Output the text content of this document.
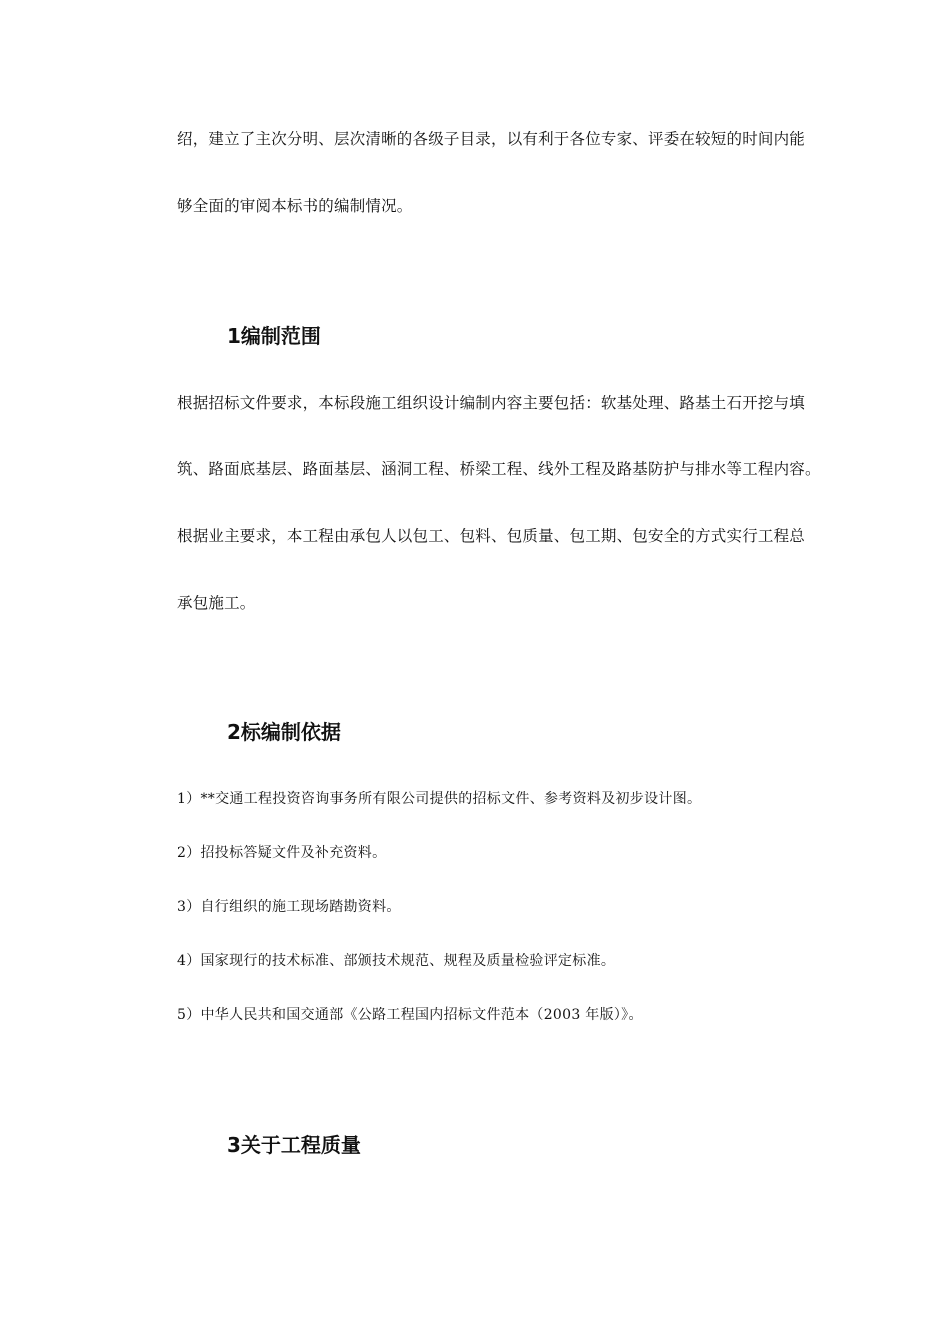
绍，建立了主次分明、层次清晰的各级子目录，以有利于各位专家、评委在较短的时间内能
够全面的审阅本标书的编制情况。
1编制范围
根据招标文件要求，本标段施工组织设计编制内容主要包括：软基处理、路基土石开挖与填
筑、路面底基层、路面基层、涵洞工程、桥梁工程、线外工程及路基防护与排水等工程内容。
根据业主要求，本工程由承包人以包工、包料、包质量、包工期、包安全的方式实行工程总
承包施工。
2标编制依据
1）**交通工程投资咨询事务所有限公司提供的招标文件、参考资料及初步设计图。
2）招投标答疑文件及补充资料。
3）自行组织的施工现场踏勘资料。
4）国家现行的技术标准、部颁技术规范、规程及质量检验评定标准。
5）中华人民共和国交通部《公路工程国内招标文件范本（2003 年版）》。
3关于工程质量
